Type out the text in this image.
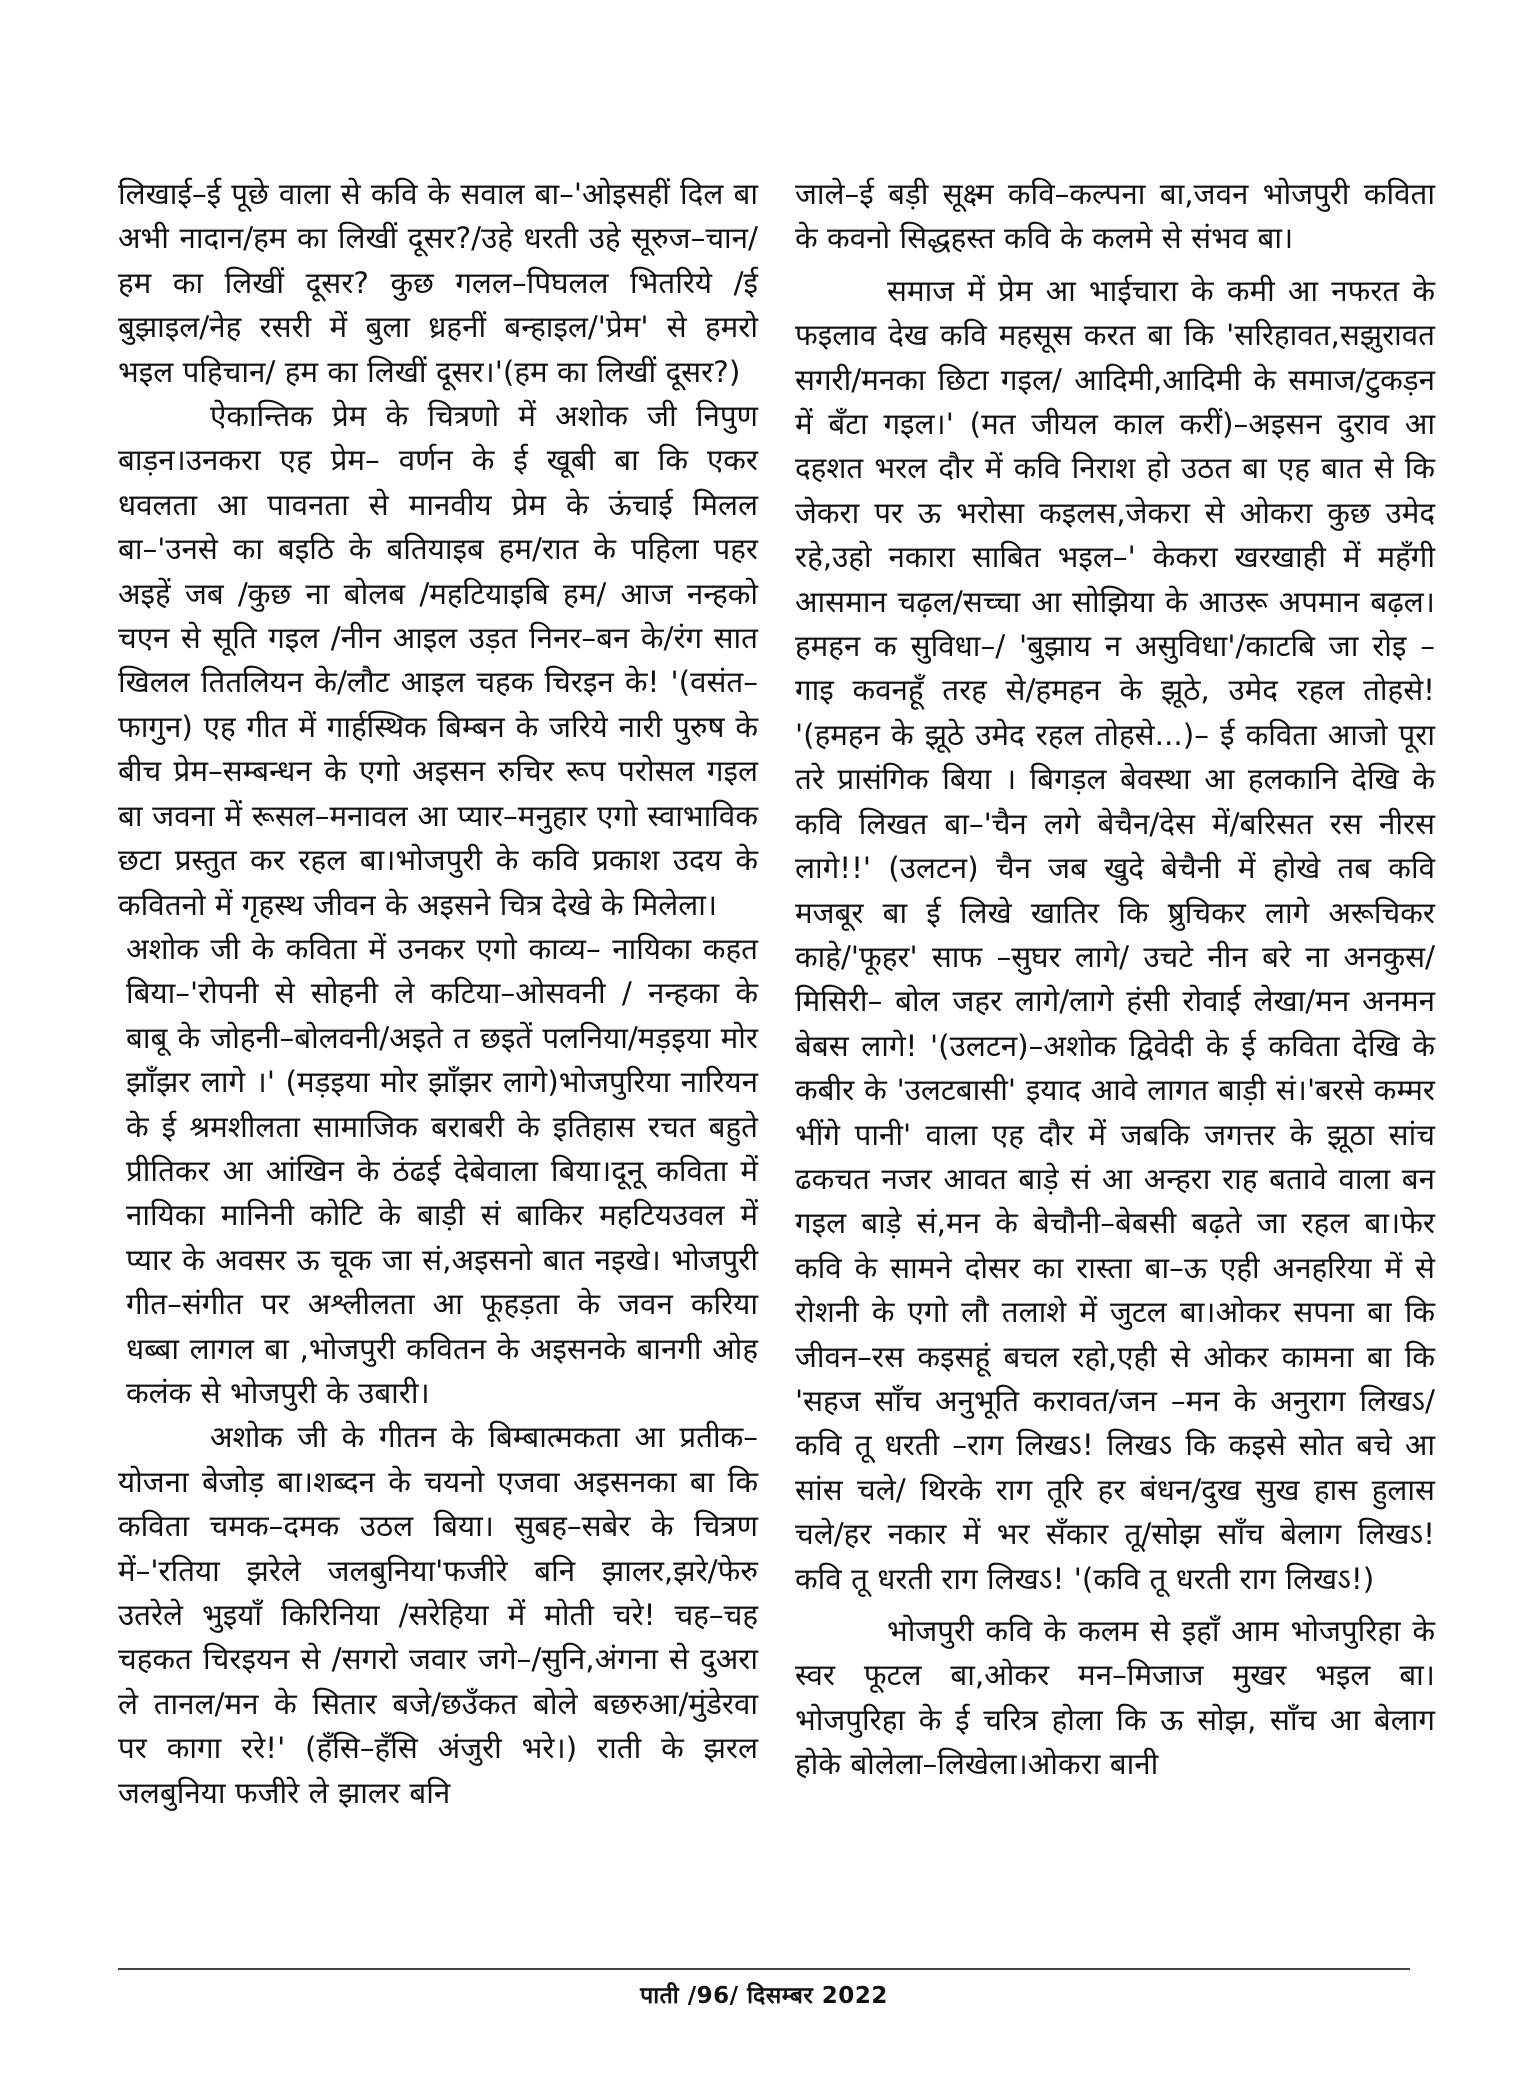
लिखाई–ई पूछे वाला से कवि के सवाल बा–'ओइसहीं दिल बा अभी नादान/हम का लिखीं दूसर?/उहे धरती उहे सूरुज–चान/हम का लिखीं दूसर? कुछ गलल–पिघलल भितरिये /ई बुझाइल/नेह रसरी में बुला ध्रहनीं बन्हाइल/'प्रेम' से हमरो भइल पहिचान/ हम का लिखीं दूसर।'(हम का लिखीं दूसर?)

ऐकान्तिक प्रेम के चित्रणो में अशोक जी निपुण बाड़न।उनकरा एह प्रेम– वर्णन के ई खूबी बा कि एकर धवलता आ पावनता से मानवीय प्रेम के ऊंचाई मिलल बा–'उनसे का बइठि के बतियाइब हम/रात के पहिला पहर अइहें जब /कुछ ना बोलब /महटियाइबि हम/ आज नन्हको चएन से सूति गइल /नीन आइल उड़त निनर–बन के/रंग सात खिलल तितलियन के/लौट आइल चहक चिरइन के! '(वसंत–फागुन) एह गीत में गार्हस्थिक बिम्बन के जरिये नारी पुरुष के बीच प्रेम–सम्बन्धन के एगो अइसन रुचिर रूप परोसल गइल बा जवना में रूसल–मनावल आ प्यार–मनुहार एगो स्वाभाविक छटा प्रस्तुत कर रहल बा।भोजपुरी के कवि प्रकाश उदय के कवितनो में गृहस्थ जीवन के अइसने चित्र देखे के मिलेला।

अशोक जी के कविता में उनकर एगो काव्य– नायिका कहत बिया–'रोपनी से सोहनी ले कटिया–ओसवनी / नन्हका के बाबू के जोहनी–बोलवनी/अइते त छइतें पलनिया/मड़इया मोर झाँझर लागे ।' (मड़इया मोर झाँझर लागे)भोजपुरिया नारियन के ई श्रमशीलता सामाजिक बराबरी के इतिहास रचत बहुते प्रीतिकर आ आंखिन के ठंढई देबेवाला बिया।दूनू कविता में नायिका मानिनी कोटि के बाड़ी सं बाकिर महटियउवल में प्यार के अवसर ऊ चूक जा सं,अइसनो बात नइखे। भोजपुरी गीत–संगीत पर अश्लीलता आ फूहड़ता के जवन करिया धब्बा लागल बा ,भोजपुरी कवितन के अइसनके बानगी ओह कलंक से भोजपुरी के उबारी।

अशोक जी के गीतन के बिम्बात्मकता आ प्रतीक–योजना बेजोड़ बा।शब्दन के चयनो एजवा अइसनका बा कि कविता चमक–दमक उठल बिया। सुबह–सबेर के चित्रण में–'रतिया झरेले जलबुनिया'फजीरे बनि झालर,झरे/फेरु उतरेले भुइयाँ किरिनिया /सरेहिया में मोती चरे! चह–चह चहकत चिरइयन से /सगरो जवार जगे–/सुनि,अंगना से दुअरा ले तानल/मन के सितार बजे/छउँकत बोले बछरुआ/मुंडेरवा पर कागा ररे!' (हँसि–हँसि अंजुरी भरे।) राती के झरल जलबुनिया फजीरे ले झालर बनि

जाले–ई बड़ी सूक्ष्म कवि–कल्पना बा,जवन भोजपुरी कविता के कवनो सिद्धहस्त कवि के कलमे से संभव बा।

समाज में प्रेम आ भाईचारा के कमी आ नफरत के फइलाव देख कवि महसूस करत बा कि 'सरिहावत,सझुरावत सगरी/मनका छिटा गइल/ आदिमी,आदिमी के समाज/टुकड़न में बँटा गइल।' (मत जीयल काल करीं)–अइसन दुराव आ दहशत भरल दौर में कवि निराश हो उठत बा एह बात से कि जेकरा पर ऊ भरोसा कइलस,जेकरा से ओकरा कुछ उमेद रहे,उहो नकारा साबित भइल–' केकरा खरखाही में महँगी आसमान चढ़ल/सच्चा आ सोझिया के आउरू अपमान बढ़ल। हमहन क सुविधा–/ 'बुझाय न असुविधा'/काटबि जा रोइ –गाइ कवनहूँ तरह से/हमहन के झूठे, उमेद रहल तोहसे! '(हमहन के झूठे उमेद रहल तोहसे...)– ई कविता आजो पूरा तरे प्रासंगिक बिया । बिगड़ल बेवस्था आ हलकानि देखि के कवि लिखत बा–'चैन लगे बेचैन/देस में/बरिसत रस नीरस लागे!!' (उलटन) चैन जब खुदे बेचैनी में होखे तब कवि मजबूर बा ई लिखे खातिर कि ष्रुचिकर लागे अरूचिकर काहे/'फूहर' साफ –सुघर लागे/ उचटे नीन बरे ना अनकुस/मिसिरी– बोल जहर लागे/लागे हंसी रोवाई लेखा/मन अनमन बेबस लागे! '(उलटन)–अशोक द्विवेदी के ई कविता देखि के कबीर के 'उलटबासी' इयाद आवे लागत बाड़ी सं।'बरसे कम्मर भींगे पानी' वाला एह दौर में जबकि जगत्तर के झूठा सांच ढकचत नजर आवत बाड़े सं आ अन्हरा राह बतावे वाला बन गइल बाड़े सं,मन के बेचौनी–बेबसी बढ़ते जा रहल बा।फेर कवि के सामने दोसर का रास्ता बा–ऊ एही अनहरिया में से रोशनी के एगो लौ तलाशे में जुटल बा।ओकर सपना बा कि जीवन–रस कइसहूं बचल रहो,एही से ओकर कामना बा कि 'सहज साँच अनुभूति करावत/जन –मन के अनुराग लिखऽ/कवि तू धरती –राग लिखऽ! लिखऽ कि कइसे सोत बचे आ सांस चले/ थिरके राग तूरि हर बंधन/दुख सुख हास हुलास चले/हर नकार में भर सँकार तू/सोझ साँच बेलाग लिखऽ! कवि तू धरती राग लिखऽ! '(कवि तू धरती राग लिखऽ!)

भोजपुरी कवि के कलम से इहाँ आम भोजपुरिहा के स्वर फूटल बा,ओकर मन–मिजाज मुखर भइल बा। भोजपुरिहा के ई चरित्र होला कि ऊ सोझ, साँच आ बेलाग होके बोलेला–लिखेला।ओकरा बानी

पाती /96/ दिसम्बर 2022
